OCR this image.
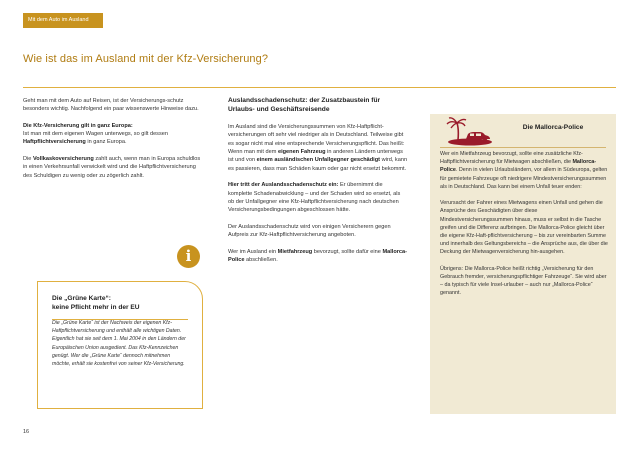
Mit dem Auto im Ausland
Wie ist das im Ausland mit der Kfz-Versicherung?

Geht man mit dem Auto auf Reisen, ist der Versicherungs-schutz besonders wichtig. Nachfolgend ein paar wissenswerte Hinweise dazu.

Die Kfz-Versicherung gilt in ganz Europa:
Ist man mit dem eigenen Wagen unterwegs, so gilt dessen Haftpflichtversicherung in ganz Europa.

Die Vollkaskoversicherung zahlt auch, wenn man in Europa schuldlos in einen Verkehrsunfall verwickelt wird und die Haftpflichtversicherung des Schuldigen zu wenig oder zu zögerlich zahlt.

i
Die „Grüne Karte“:
keine Pflicht mehr in der EU

Die „Grüne Karte“ ist der Nachweis der eigenen Kfz-Haftpflichtversicherung und enthält alle wichtigen Daten. Eigentlich hat sie seit dem 1. Mai 2004 in den Ländern der Europäischen Union ausgedient. Das Kfz-Kennzeichen genügt. Wer die „Grüne Karte“ dennoch mitnehmen möchte, erhält sie kostenfrei von seiner Kfz-Versicherung.

Auslandsschadenschutz: der Zusatzbaustein für Urlaubs- und Geschäftsreisende

Im Ausland sind die Versicherungssummen von Kfz-Haftpflicht-versicherungen oft sehr viel niedriger als in Deutschland. Teilweise gibt es sogar nicht mal eine entsprechende Versicherungspflicht. Das heißt: Wenn man mit dem eigenen Fahrzeug in anderen Ländern unterwegs ist und von einem ausländischen Unfallgegner geschädigt wird, kann es passieren, dass man Schäden kaum oder gar nicht ersetzt bekommt.

Hier tritt der Auslandsschadenschutz ein: Er übernimmt die komplette Schadenabwicklung – und der Schaden wird so ersetzt, als ob der Unfallgegner eine Kfz-Haftpflichtversicherung nach deutschen Versicherungsbedingungen abgeschlossen hätte.

Der Auslandsschadenschutz wird von einigen Versicherern gegen Aufpreis zur Kfz-Haftpflichtversicherung angeboten.

Wer im Ausland ein Mietfahrzeug bevorzugt, sollte dafür eine Mallorca-Police abschließen.

Die Mallorca-Police

Wer ein Mietfahrzeug bevorzugt, sollte eine zusätzliche Kfz-Haftpflichtversicherung für Mietwagen abschließen, die Mallorca-Police. Denn in vielen Urlaubsländern, vor allem in Südeuropa, gelten für gemietete Fahrzeuge oft niedrigere Mindestversicherungssummen als in Deutschland. Das kann bei einem Unfall teuer enden:

Verursacht der Fahrer eines Mietwagens einen Unfall und gehen die Ansprüche des Geschädigten über diese Mindestversicherungssummen hinaus, muss er selbst in die Tasche greifen und die Differenz aufbringen. Die Mallorca-Police gleicht über die eigene Kfz-Haft-pflichtversicherung – bis zur vereinbarten Summe und innerhalb des Geltungsbereichs – die Ansprüche aus, die über die Deckung der Mietwagenversicherung hin-ausgehen.

Übrigens: Die Mallorca-Police heißt richtig „Versicherung für den Gebrauch fremder, versicherungspflichtiger Fahrzeuge“. Sie wird aber – da typisch für viele Insel-urlauber – auch nur „Mallorca-Police“ genannt.

16
